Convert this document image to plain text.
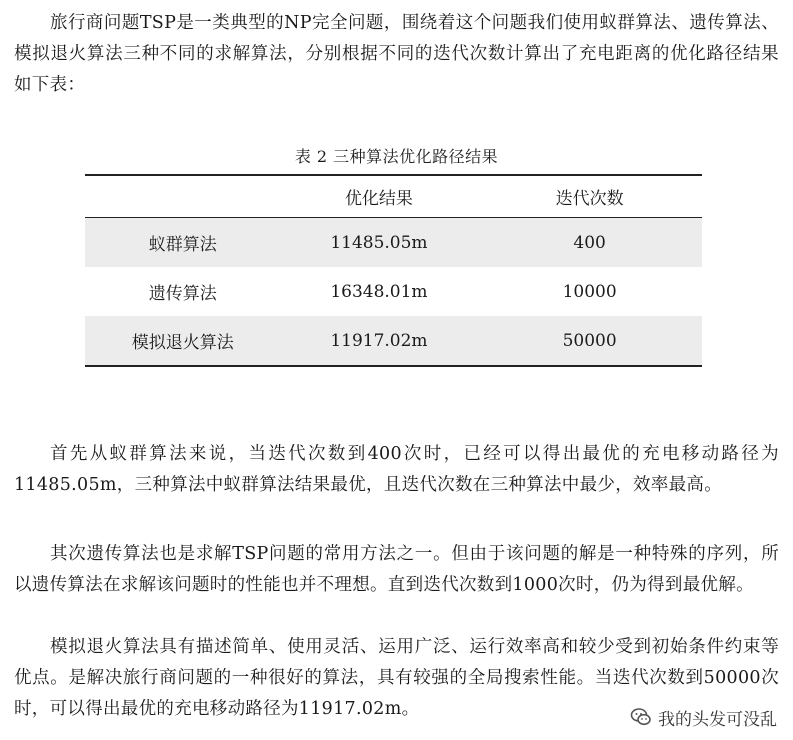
旅行商问题TSP是一类典型的NP完全问题，围绕着这个问题我们使用蚁群算法、遗传算法、模拟退火算法三种不同的求解算法，分别根据不同的迭代次数计算出了充电距离的优化路径结果如下表：

表 2 三种算法优化路径结果
	优化结果	迭代次数
蚁群算法	11485.05m	400
遗传算法	16348.01m	10000
模拟退火算法	11917.02m	50000

首先从蚁群算法来说，当迭代次数到400次时，已经可以得出最优的充电移动路径为11485.05m，三种算法中蚁群算法结果最优，且迭代次数在三种算法中最少，效率最高。

其次遗传算法也是求解TSP问题的常用方法之一。但由于该问题的解是一种特殊的序列，所以遗传算法在求解该问题时的性能也并不理想。直到迭代次数到1000次时，仍为得到最优解。

模拟退火算法具有描述简单、使用灵活、运用广泛、运行效率高和较少受到初始条件约束等优点。是解决旅行商问题的一种很好的算法，具有较强的全局搜索性能。当迭代次数到50000次时，可以得出最优的充电移动路径为11917.02m。

我的头发可没乱
